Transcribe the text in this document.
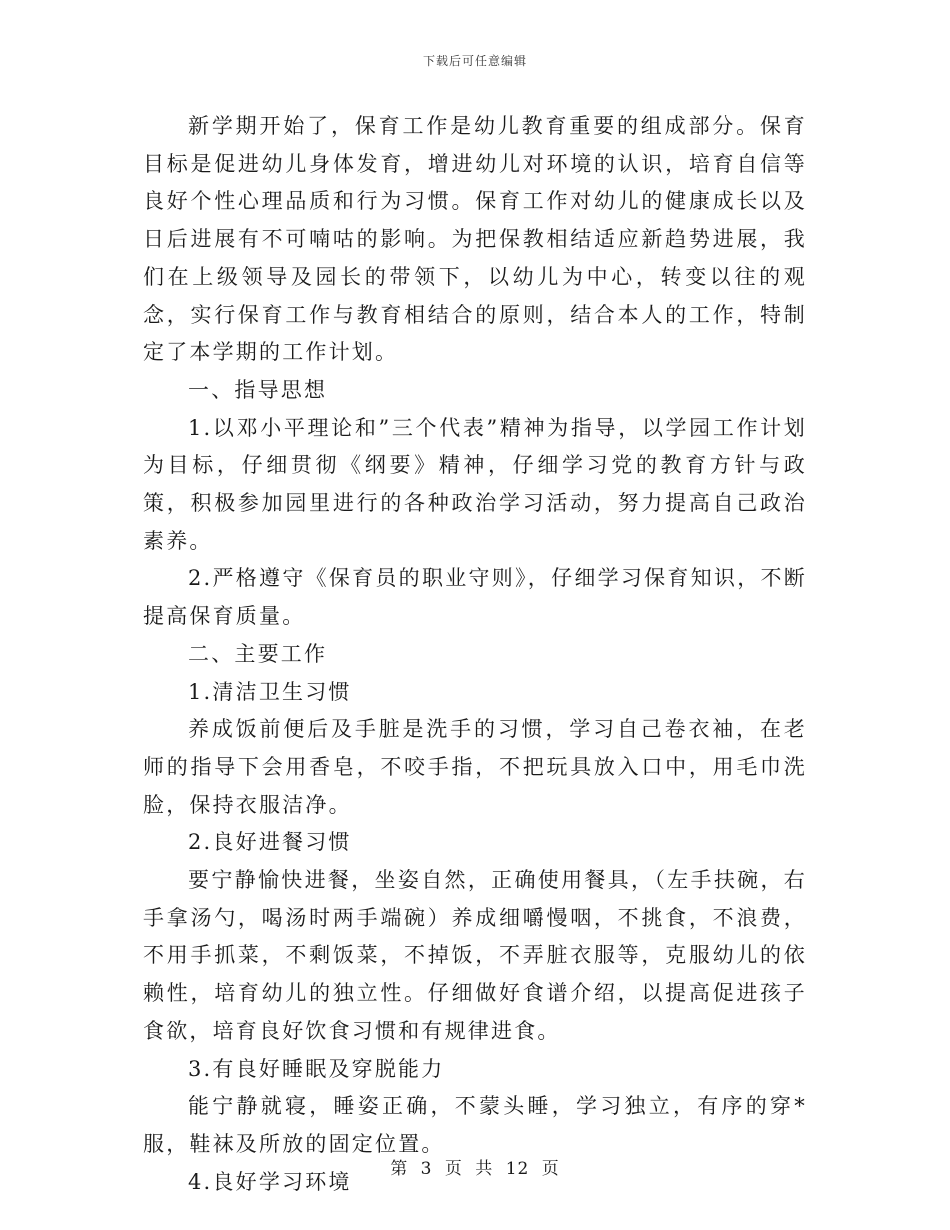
下载后可任意编辑

新学期开始了，保育工作是幼儿教育重要的组成部分。保育目标是促进幼儿身体发育，增进幼儿对环境的认识，培育自信等良好个性心理品质和行为习惯。保育工作对幼儿的健康成长以及日后进展有不可喃咕的影响。为把保教相结适应新趋势进展，我们在上级领导及园长的带领下，以幼儿为中心，转变以往的观念，实行保育工作与教育相结合的原则，结合本人的工作，特制定了本学期的工作计划。

一、指导思想

1.以邓小平理论和”三个代表”精神为指导，以学园工作计划为目标，仔细贯彻《纲要》精神，仔细学习党的教育方针与政策，积极参加园里进行的各种政治学习活动，努力提高自己政治素养。

2.严格遵守《保育员的职业守则》，仔细学习保育知识，不断提高保育质量。

二、主要工作

1.清洁卫生习惯

养成饭前便后及手脏是洗手的习惯，学习自己卷衣袖，在老师的指导下会用香皂，不咬手指，不把玩具放入口中，用毛巾洗脸，保持衣服洁净。

2.良好进餐习惯

要宁静愉快进餐，坐姿自然，正确使用餐具，（左手扶碗，右手拿汤勺，喝汤时两手端碗）养成细嚼慢咽，不挑食，不浪费，不用手抓菜，不剩饭菜，不掉饭，不弄脏衣服等，克服幼儿的依赖性，培育幼儿的独立性。仔细做好食谱介绍，以提高促进孩子食欲，培育良好饮食习惯和有规律进食。

3.有良好睡眠及穿脱能力

能宁静就寝，睡姿正确，不蒙头睡，学习独立，有序的穿*服，鞋袜及所放的固定位置。

4.良好学习环境

第 3 页 共 12 页
